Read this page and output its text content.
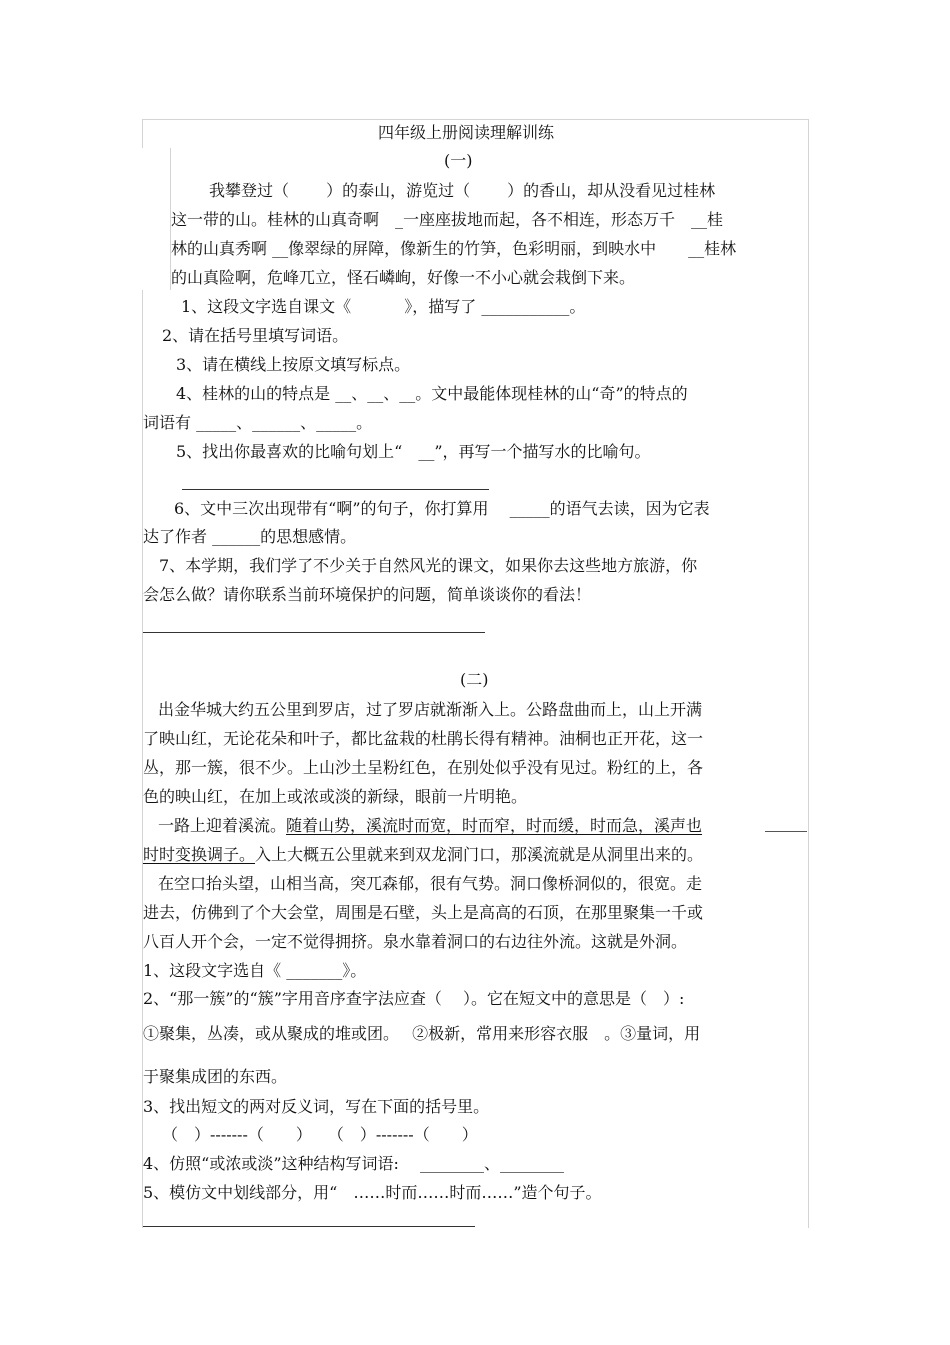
四年级上册阅读理解训练
(一)
我攀登过（　　 ）的泰山，游览过（　　 ）的香山，却从没看见过桂林
这一带的山。桂林的山真奇啊　_一座座拔地而起，各不相连，形态万千　__桂
林的山真秀啊 __像翠绿的屏障，像新生的竹笋，色彩明丽，到映水中　　__桂林
的山真险啊，危峰兀立，怪石嶙峋，好像一不小心就会栽倒下来。
1、这段文字选自课文《　　　 》，描写了 ___________。
2、请在括号里填写词语。
3、请在横线上按原文填写标点。
4、桂林的山的特点是 __、__、__。文中最能体现桂林的山“奇”的特点的
词语有 _____、______、_____。
5、找出你最喜欢的比喻句划上“　__”，再写一个描写水的比喻句。
6、文中三次出现带有“啊”的句子，你打算用　 _____的语气去读，因为它表
达了作者 ______的思想感情。
7、本学期，我们学了不少关于自然风光的课文，如果你去这些地方旅游，你
会怎么做？请你联系当前环境保护的问题，简单谈谈你的看法！
(二)
出金华城大约五公里到罗店，过了罗店就渐渐入上。公路盘曲而上，山上开满
了映山红，无论花朵和叶子，都比盆栽的杜鹃长得有精神。油桐也正开花，这一
丛，那一簇，很不少。上山沙土呈粉红色，在别处似乎没有见过。粉红的上，各
色的映山红，在加上或浓或淡的新绿，眼前一片明艳。
一路上迎着溪流。随着山势，溪流时而宽，时而窄，时而缓，时而急，溪声也
时时变换调子。入上大概五公里就来到双龙洞门口，那溪流就是从洞里出来的。
在空口抬头望，山相当高，突兀森郁，很有气势。洞口像桥洞似的，很宽。走
进去，仿佛到了个大会堂，周围是石壁，头上是高高的石顶，在那里聚集一千或
八百人开个会，一定不觉得拥挤。泉水靠着洞口的右边往外流。这就是外洞。
1、这段文字选自《 _______》。
2、“那一簇”的“簇”字用音序查字法应查（　 ）。它在短文中的意思是（　）:
①聚集，丛凑，或从聚成的堆或团。　 ②极新，常用来形容衣服　。③量词，用
于聚集成团的东西。
3、找出短文的两对反义词，写在下面的括号里。
（　）-------（　　）　　（　）-------（　　）
4、仿照“或浓或淡”这种结构写词语:　 ________、________
5、模仿文中划线部分，用“　……时而……时而……”造个句子。
